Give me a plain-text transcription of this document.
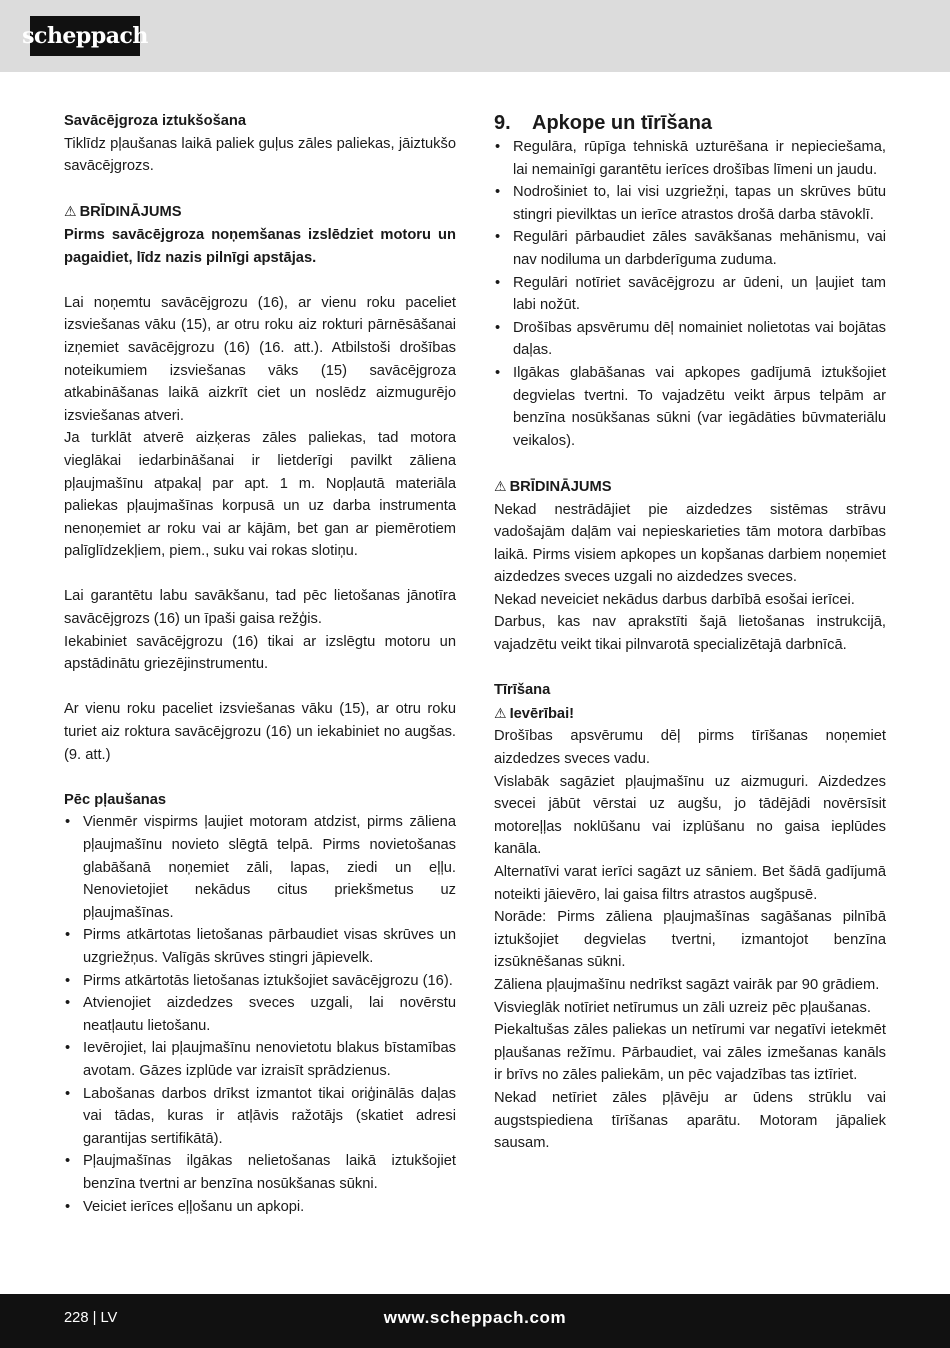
scheppach

Savācējgroza iztukšošana

Tiklīdz pļaušanas laikā paliek guļus zāles paliekas, jāiztukšo savācējgrozs.

⚠ BRĪDINĀJUMS

Pirms savācējgroza noņemšanas izslēdziet motoru un pagaidiet, līdz nazis pilnīgi apstājas.

Lai noņemtu savācējgrozu (16), ar vienu roku paceliet izsviešanas vāku (15), ar otru roku aiz rokturi pārnēsāšanai izņemiet savācējgrozu (16) (16. att.). Atbilstoši drošības noteikumiem izsviešanas vāks (15) savācējgroza atkabināšanas laikā aizkrīt ciet un noslēdz aizmugurējo izsviešanas atveri.

Ja turklāt atverē aizķeras zāles paliekas, tad motora vieglākai iedarbināšanai ir lietderīgi pavilkt zāliena pļaujmašīnu atpakaļ par apt. 1 m. Nopļautā materiāla paliekas pļaujmašīnas korpusā un uz darba instrumenta nenoņemiet ar roku vai ar kājām, bet gan ar piemērotiem palīglīdzekļiem, piem., suku vai rokas slotiņu.

Lai garantētu labu savākšanu, tad pēc lietošanas jānotīra savācējgrozs (16) un īpaši gaisa režģis.

Iekabiniet savācējgrozu (16) tikai ar izslēgtu motoru un apstādinātu griezējinstrumentu.

Ar vienu roku paceliet izsviešanas vāku (15), ar otru roku turiet aiz roktura savācējgrozu (16) un iekabiniet no augšas. (9. att.)

Pēc pļaušanas

• Vienmēr vispirms ļaujiet motoram atdzist, pirms zāliena pļaujmašīnu novieto slēgtā telpā. Pirms novietošanas glabāšanā noņemiet zāli, lapas, ziedi un eļļu. Nenovietojiet nekādus citus priekšmetus uz pļaujmašīnas.
• Pirms atkārtotas lietošanas pārbaudiet visas skrūves un uzgriežņus. Valīgās skrūves stingri jāpievelk.
• Pirms atkārtotās lietošanas iztukšojiet savācējgrozu (16).
• Atvienojiet aizdedzes sveces uzgali, lai novērstu neatļautu lietošanu.
• Ievērojiet, lai pļaujmašīnu nenovietotu blakus bīstamības avotam. Gāzes izplūde var izraisīt sprādzienus.
• Labošanas darbos drīkst izmantot tikai oriģinālās daļas vai tādas, kuras ir atļāvis ražotājs (skatiet adresi garantijas sertifikātā).
• Pļaujmašīnas ilgākas nelietošanas laikā iztukšojiet benzīna tvertni ar benzīna nosūkšanas sūkni.
• Veiciet ierīces eļļošanu un apkopi.

9. Apkope un tīrīšana

• Regulāra, rūpīga tehniskā uzturēšana ir nepieciešama, lai nemainīgi garantētu ierīces drošības līmeni un jaudu.
• Nodrošiniet to, lai visi uzgriežņi, tapas un skrūves būtu stingri pievilktas un ierīce atrastos drošā darba stāvoklī.
• Regulāri pārbaudiet zāles savākšanas mehānismu, vai nav nodiluma un darbderīguma zuduma.
• Regulāri notīriet savācējgrozu ar ūdeni, un ļaujiet tam labi nožūt.
• Drošības apsvērumu dēļ nomainiet nolietotas vai bojātas daļas.
• Ilgākas glabāšanas vai apkopes gadījumā iztukšojiet degvielas tvertni. To vajadzētu veikt ārpus telpām ar benzīna nosūkšanas sūkni (var iegādāties būvmateriālu veikalos).

⚠ BRĪDINĀJUMS

Nekad nestrādājiet pie aizdedzes sistēmas strāvu vadošajām daļām vai nepieskarieties tām motora darbības laikā. Pirms visiem apkopes un kopšanas darbiem noņemiet aizdedzes sveces uzgali no aizdedzes sveces.

Nekad neveiciet nekādus darbus darbībā esošai ierīcei.

Darbus, kas nav aprakstīti šajā lietošanas instrukcijā, vajadzētu veikt tikai pilnvarotā specializētajā darbnīcā.

Tīrīšana

⚠ Ievērībai!

Drošības apsvērumu dēļ pirms tīrīšanas noņemiet aizdedzes sveces vadu.

Vislabāk sagāziet pļaujmašīnu uz aizmuguri. Aizdedzes svecei jābūt vērstai uz augšu, jo tādējādi novērsīsit motoreļļas noklūšanu vai izplūšanu no gaisa ieplūdes kanāla.

Alternatīvi varat ierīci sagāzt uz sāniem. Bet šādā gadījumā noteikti jāievēro, lai gaisa filtrs atrastos augšpusē.

Norāde: Pirms zāliena pļaujmašīnas sagāšanas pilnībā iztukšojiet degvielas tvertni, izmantojot benzīna izsūknēšanas sūkni.

Zāliena pļaujmašīnu nedrīkst sagāzt vairāk par 90 grādiem.

Visvieglāk notīriet netīrumus un zāli uzreiz pēc pļaušanas.

Piekaltušas zāles paliekas un netīrumi var negatīvi ietekmēt pļaušanas režīmu. Pārbaudiet, vai zāles izmešanas kanāls ir brīvs no zāles paliekām, un pēc vajadzības tas iztīriet.

Nekad netīriet zāles pļāvēju ar ūdens strūklu vai augstspiediena tīrīšanas aparātu. Motoram jāpaliek sausam.

228 | LV	www.scheppach.com
